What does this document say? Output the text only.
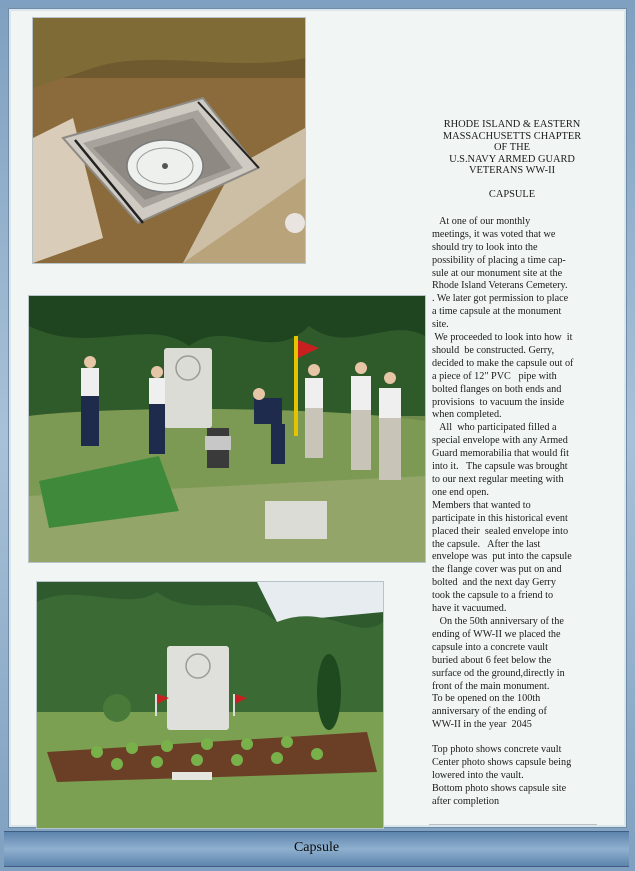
RHODE ISLAND & EASTERN
MASSACHUSETTS CHAPTER
OF THE
U.S.NAVY ARMED GUARD
VETERANS WW-II
CAPSULE
At one of our monthly
meetings, it was voted that we
should try to look into the
possibility of placing a time cap-
sule at our monument site at the
Rhode Island Veterans Cemetery.
. We later got permission to place
a time capsule at the monument
site.
We proceeded to look into how  it
should  be constructed. Gerry,
decided to make the capsule out of
a piece of 12" PVC   pipe with
bolted flanges on both ends and
provisions  to vacuum the inside
when completed.
All  who participated filled a
special envelope with any Armed
Guard memorabilia that would fit
into it.   The capsule was brought
to our next regular meeting with
one end open.
Members that wanted to
participate in this historical event
placed their  sealed envelope into
the capsule.   After the last
envelope was  put into the capsule
the flange cover was put on and
bolted  and the next day Gerry
took the capsule to a friend to
have it vacuumed.
On the 50th anniversary of the
ending of WW-II we placed the
capsule into a concrete vault
buried about 6 feet below the
surface od the ground,directly in
front of the main monument.
To be opened on the 100th
anniversary of the ending of
WW-II in the year  2045
Top photo shows concrete vault
Center photo shows capsule being
lowered into the vault.
Bottom photo shows capsule site
after completion
Capsule
